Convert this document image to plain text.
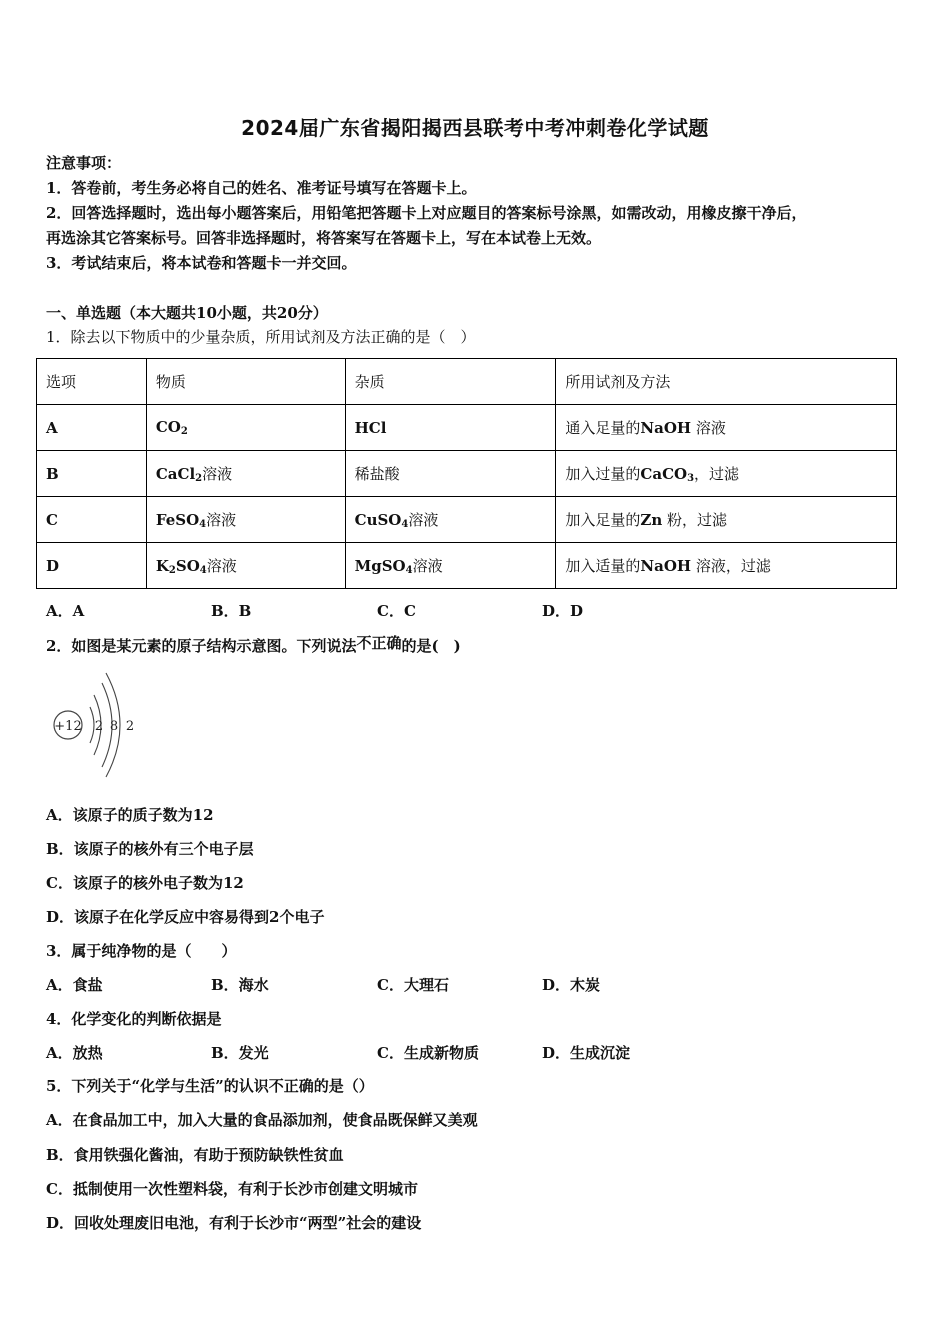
2024届广东省揭阳揭西县联考中考冲刺卷化学试题
注意事项：
1．答卷前，考生务必将自己的姓名、准考证号填写在答题卡上。
2．回答选择题时，选出每小题答案后，用铅笔把答题卡上对应题目的答案标号涂黑，如需改动，用橡皮擦干净后，
再选涂其它答案标号。回答非选择题时，将答案写在答题卡上，写在本试卷上无效。
3．考试结束后，将本试卷和答题卡一并交回。
一、单选题（本大题共10小题，共20分）
1．除去以下物质中的少量杂质，所用试剂及方法正确的是（　）
选项	物质	杂质	所用试剂及方法
A	$CO_2$	HCl	通入足量的NaOH 溶液
B	CaCl$_2$溶液	稀盐酸	加入过量的CaCO$_3$，过滤
C	FeSO$_4$溶液	CuSO$_4$溶液	加入足量的Zn 粉，过滤
D	$K_2SO_4$溶液	MgSO$_4$溶液	加入适量的NaOH 溶液，过滤
A．A	B．B	C．C	D．D
2．如图是某元素的原子结构示意图。下列说法不正确的是(　)
+12 2 8 2
A．该原子的质子数为12
B．该原子的核外有三个电子层
C．该原子的核外电子数为12
D．该原子在化学反应中容易得到2个电子
3．属于纯净物的是（　　）
A．食盐	B．海水	C．大理石	D．木炭
4．化学变化的判断依据是
A．放热	B．发光	C．生成新物质	D．生成沉淀
5．下列关于“化学与生活”的认识不正确的是（）
A．在食品加工中，加入大量的食品添加剂，使食品既保鲜又美观
B．食用铁强化酱油，有助于预防缺铁性贫血
C．抵制使用一次性塑料袋，有利于长沙市创建文明城市
D．回收处理废旧电池，有利于长沙市“两型”社会的建设
